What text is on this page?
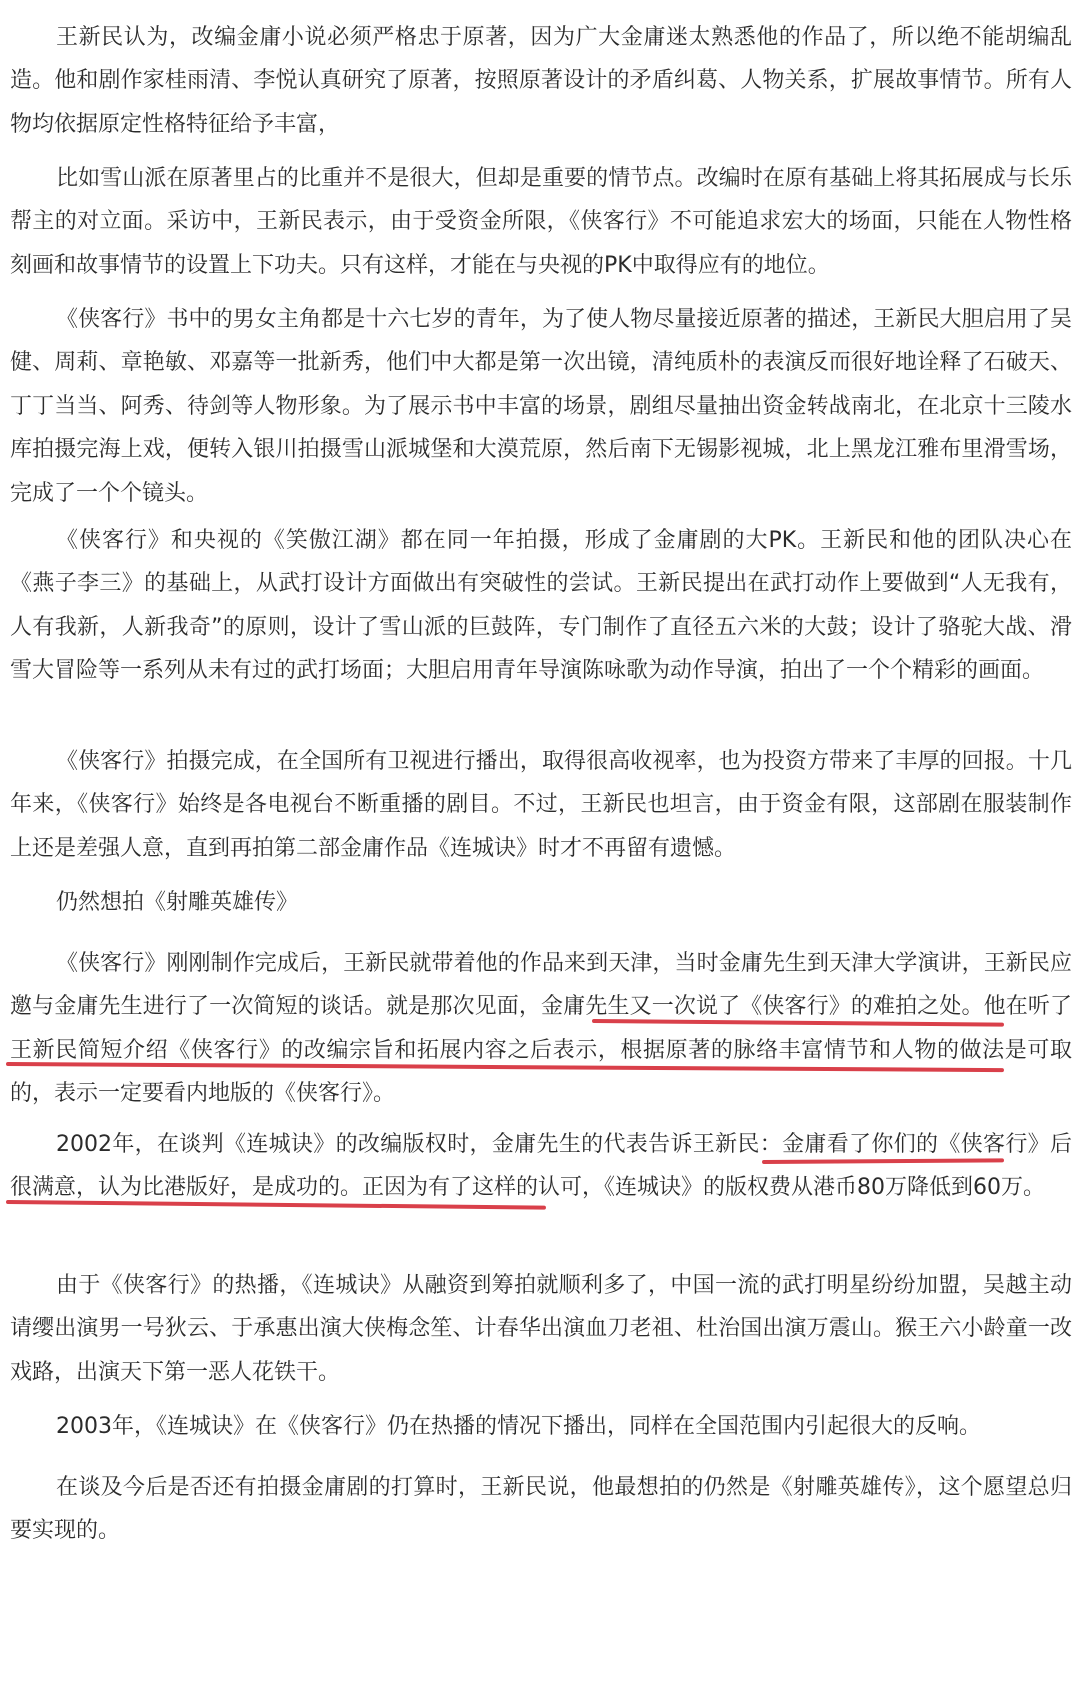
王新民认为，改编金庸小说必须严格忠于原著，因为广大金庸迷太熟悉他的作品了，所以绝不能胡编乱造。他和剧作家桂雨清、李悦认真研究了原著，按照原著设计的矛盾纠葛、人物关系，扩展故事情节。所有人物均依据原定性格特征给予丰富，

比如雪山派在原著里占的比重并不是很大，但却是重要的情节点。改编时在原有基础上将其拓展成与长乐帮主的对立面。采访中，王新民表示，由于受资金所限，《侠客行》不可能追求宏大的场面，只能在人物性格刻画和故事情节的设置上下功夫。只有这样，才能在与央视的PK中取得应有的地位。

《侠客行》书中的男女主角都是十六七岁的青年，为了使人物尽量接近原著的描述，王新民大胆启用了吴健、周莉、章艳敏、邓嘉等一批新秀，他们中大都是第一次出镜，清纯质朴的表演反而很好地诠释了石破天、丁丁当当、阿秀、待剑等人物形象。为了展示书中丰富的场景，剧组尽量抽出资金转战南北，在北京十三陵水库拍摄完海上戏，便转入银川拍摄雪山派城堡和大漠荒原，然后南下无锡影视城，北上黑龙江雅布里滑雪场，完成了一个个镜头。

《侠客行》和央视的《笑傲江湖》都在同一年拍摄，形成了金庸剧的大PK。王新民和他的团队决心在《燕子李三》的基础上，从武打设计方面做出有突破性的尝试。王新民提出在武打动作上要做到“人无我有，人有我新，人新我奇”的原则，设计了雪山派的巨鼓阵，专门制作了直径五六米的大鼓；设计了骆驼大战、滑雪大冒险等一系列从未有过的武打场面；大胆启用青年导演陈咏歌为动作导演，拍出了一个个精彩的画面。

《侠客行》拍摄完成，在全国所有卫视进行播出，取得很高收视率，也为投资方带来了丰厚的回报。十几年来，《侠客行》始终是各电视台不断重播的剧目。不过，王新民也坦言，由于资金有限，这部剧在服装制作上还是差强人意，直到再拍第二部金庸作品《连城诀》时才不再留有遗憾。

仍然想拍《射雕英雄传》

《侠客行》刚刚制作完成后，王新民就带着他的作品来到天津，当时金庸先生到天津大学演讲，王新民应邀与金庸先生进行了一次简短的谈话。就是那次见面，金庸先生又一次说了《侠客行》的难拍之处。他在听了王新民简短介绍《侠客行》的改编宗旨和拓展内容之后表示，根据原著的脉络丰富情节和人物的做法是可取的，表示一定要看内地版的《侠客行》。

2002年，在谈判《连城诀》的改编版权时，金庸先生的代表告诉王新民：金庸看了你们的《侠客行》后很满意，认为比港版好，是成功的。正因为有了这样的认可，《连城诀》的版权费从港币80万降低到60万。

由于《侠客行》的热播，《连城诀》从融资到筹拍就顺利多了，中国一流的武打明星纷纷加盟，吴越主动请缨出演男一号狄云、于承惠出演大侠梅念笙、计春华出演血刀老祖、杜治国出演万震山。猴王六小龄童一改戏路，出演天下第一恶人花铁干。

2003年，《连城诀》在《侠客行》仍在热播的情况下播出，同样在全国范围内引起很大的反响。

在谈及今后是否还有拍摄金庸剧的打算时，王新民说，他最想拍的仍然是《射雕英雄传》，这个愿望总归要实现的。
